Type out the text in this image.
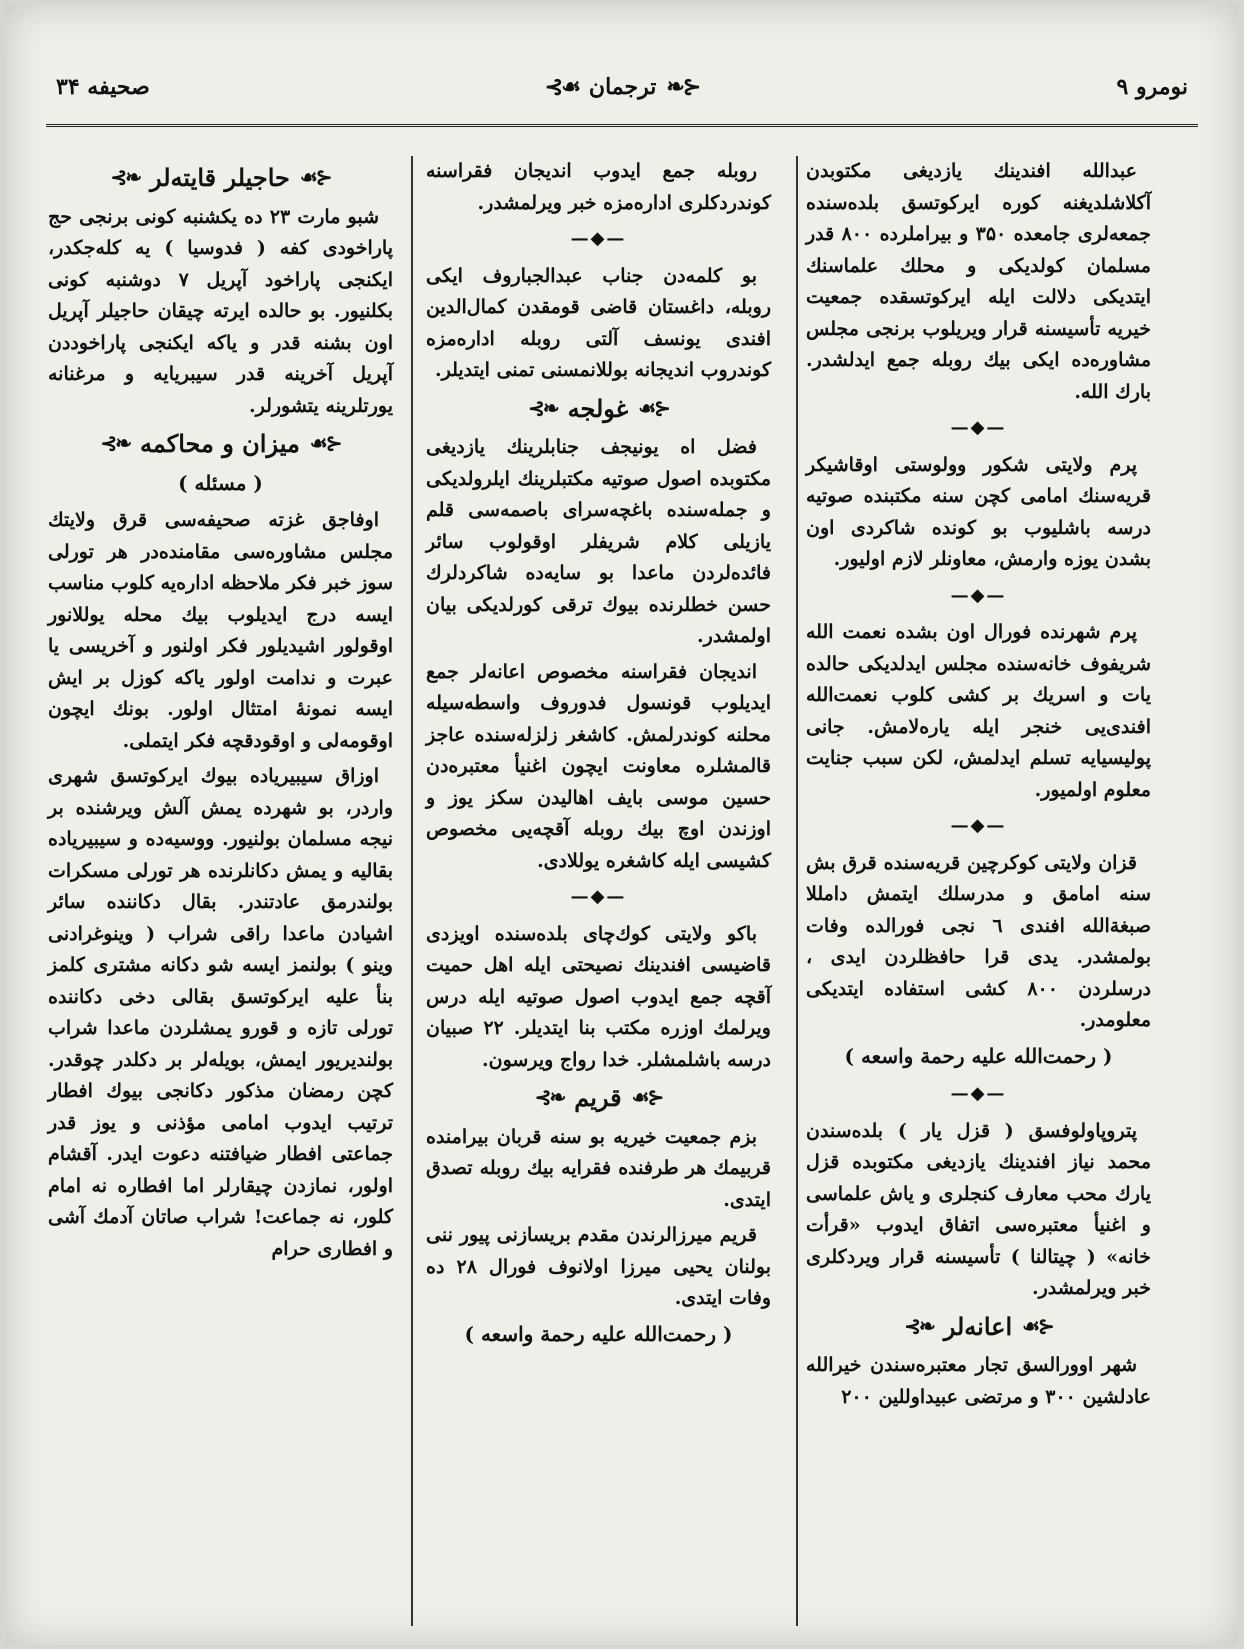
صحیفه ۳۴	⊰☙ ترجمان ❧⊱	نومرو ۹

عبدالله افندینك یازدیغی مكتوبدن آكلاشلدیغنه كوره ایركوتسق بلده‌سنده جمعه‌لری جامعده ۳۵۰ و بیراملرده ۸۰۰ قدر مسلمان كولدیكی و محلك علماسنك ایتدیكی دلالت ایله ایركوتسقده جمعیت خیریه تأسیسنه قرار ویریلوب برنجی مجلس مشاوره‌ده ایكی بیك روبله جمع ایدلشدر. بارك الله.

—◆—

پرم ولایتی شكور وولوستی اوقاشیكر قریه‌سنك امامی كچن سنه مكتبنده صوتیه درسه باشلیوب بو كونده شاكردی اون بشدن یوزه وارمش، معاونلر لازم اولیور.

—◆—

پرم شهرنده فورال اون بشده نعمت الله شریفوف خانه‌سنده مجلس ایدلدیكی حالده یات و اسریك بر كشی كلوب نعمت‌الله افندی‌یی خنجر ایله یارەلامش. جانی پولیسیایه تسلم ایدلمش، لكن سبب جنایت معلوم اولمیور.

—◆—

قزان ولایتی كوكرچین قریه‌سنده قرق بش سنه امامق و مدرسلك ایتمش دامللا صبغةالله افندی ٦ نجی فورالده وفات بولمشدر. یدی قرا حافظلردن ایدی ، درسلردن ۸۰۰ كشی استفاده ایتدیكی معلومدر.

( رحمت‌الله علیه رحمة واسعه )
—◆—

پتروپاولوفسق ( قزل یار ) بلده‌سندن محمد نیاز افندینك یازدیغی مكتوبدە قزل یارك محب معارف كنجلری و یاش علماسی و اغنیأ معتبره‌سی اتفاق ایدوب «قرأت خانه» ( چیتالنا ) تأسیسنه قرار ویردكلری خبر ویرلمشدر.

⊰☙
اعانه‌لر
❧⊱

شهر اوورالسق تجار معتبره‌سندن خیرالله عادلشین ۳۰۰ و مرتضی عبیداوللین ۲۰۰

روبله جمع ایدوب اندیجان فقراسنه كوندردكلری اداره‌مزه خبر ویرلمشدر.

—◆—

بو كلمه‌دن جناب عبدالجباروف ایكی روبله، داغستان قاضی قومقدن كمال‌الدین افندی یونسف آلتی روبله اداره‌مزه كوندروب اندیجانه بوللانمسنی تمنی ایتدیلر.

⊰☙
غولجه
❧⊱

فضل اه یونیجف جنابلرینك یازدیغی مكتوبده اصول صوتیه مكتبلرینك ایلرولدیكی و جمله‌سنده باغچه‌سرای باصمه‌سی قلم یازیلی كلام شریفلر اوقولوب سائر فائده‌لردن ماعدا بو سایه‌ده شاكردلرك حسن خطلرنده بیوك ترقی كورلدیكی بیان اولمشدر.

اندیجان فقراسنه مخصوص اعانه‌لر جمع ایدیلوب قونسول فدوروف واسطه‌سیله محلنه كوندرلمش. كاشغر زلزله‌سنده عاجز قالمشلره معاونت ایچون اغنیأ معتبره‌دن حسین موسی بایف اهالیدن سكز یوز و اوزندن اوچ بیك روبله آقچه‌یی مخصوص كشیسی ایله كاشغره یوللادی.

—◆—

باكو ولایتی كوك‌چای بلده‌سنده اویزدی قاضیسی افندینك نصیحتی ایله اهل حمیت آقچه جمع ایدوب اصول صوتیه ایله درس ویرلمك اوزره مكتب بنا ایتدیلر. ۲۲ صبیان درسه باشلمشلر. خدا رواج ویرسون.

⊰☙
قریم
❧⊱

بزم جمعیت خیریه بو سنه قربان بیرامنده قربیمك هر طرفنده فقرایه بیك روبله تصدق ایتدی.

قریم میرزالرندن مقدم بریسازنی پیور ننی بولنان یحیی میرزا اولانوف فورال ۲۸ ده وفات ایتدی.

( رحمت‌الله علیه رحمة واسعه )
⊰☙
حاجیلر قایته‌لر
❧⊱

شبو مارت ۲۳ ده یكشنبه كونی برنجی حج پاراخودی كفه ( فدوسیا ) یه كله‌جكدر، ایكنجی پاراخود آپریل ۷ دوشنبه كونی بكلنیور. بو حالده ایرته چیقان حاجیلر آپریل اون بشنه قدر و یاكه ایكنجی پاراخوددن آپریل آخرینه قدر سیبریایه و مرغنانه یورتلرینه یتشورلر.

⊰☙
میزان و محاكمه
❧⊱
( مسئله )

اوفاجق غزته صحیفه‌سی قرق ولایتك مجلس مشاوره‌سی مقامنده‌در هر تورلی سوز خبر فكر ملاحظه اداره‌یه كلوب مناسب ایسه درج ایدیلوب بیك محله یوللانور اوقولور اشیدیلور فكر اولنور و آخریسی یا عبرت و ندامت اولور یاكه كوزل بر ایش ایسه نمونهٔ امتثال اولور. بونك ایچون اوقومه‌لی و اوقودقچه فكر ایتملی.

اوزاق سیبیریاده بیوك ایركوتسق شهری واردر، بو شهرده یمش آلش ویرشنده بر نیجه مسلمان بولنیور. ووسیه‌ده و سیبیریاده بقالیه و یمش دكانلرنده هر تورلی مسكرات بولندرمق عادتندر. بقال دكاننده سائر اشیادن ماعدا راقی شراب ( وینوغرادنی وینو ) بولنمز ایسه شو دكانه مشتری كلمز بنأ علیه ایركوتسق بقالی دخی دكاننده تورلی تازه و قورو یمشلردن ماعدا شراب بولندیریور ایمش، بویله‌لر بر دكلدر چوقدر. كچن رمضان مذكور دكانجی بیوك افطار ترتیب ایدوب امامی مؤذنی و یوز قدر جماعتی افطار ضیافتنه دعوت ایدر. آقشام اولور، نمازدن چیقارلر اما افطاره نه امام كلور، نه جماعت! شراب صاتان آدمك آشی و افطاری حرام
